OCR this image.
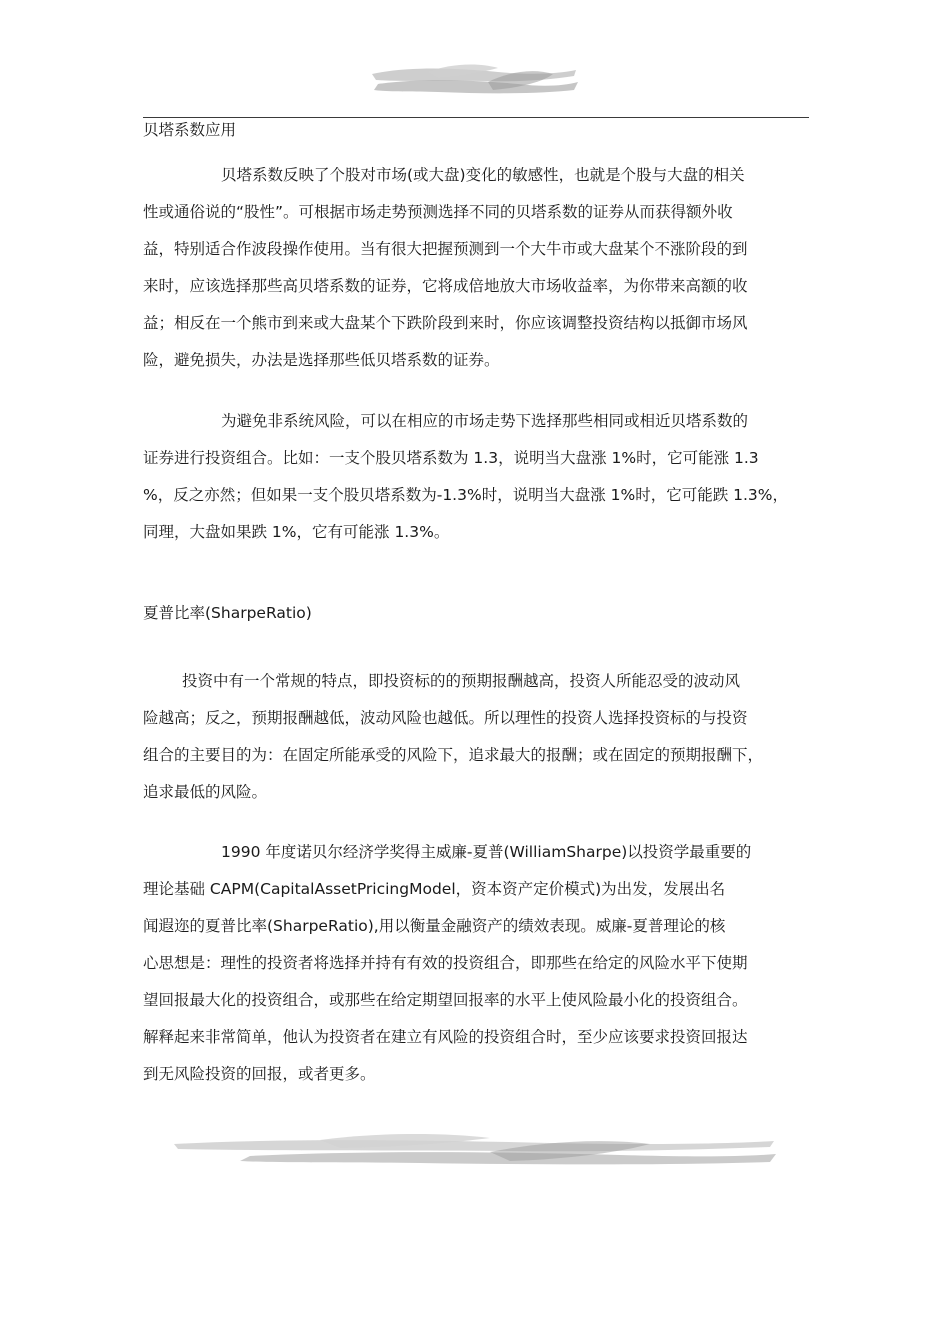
贝塔系数应用
贝塔系数反映了个股对市场(或大盘)变化的敏感性，也就是个股与大盘的相关
性或通俗说的“股性”。可根据市场走势预测选择不同的贝塔系数的证券从而获得额外收
益，特别适合作波段操作使用。当有很大把握预测到一个大牛市或大盘某个不涨阶段的到
来时，应该选择那些高贝塔系数的证券，它将成倍地放大市场收益率，为你带来高额的收
益；相反在一个熊市到来或大盘某个下跌阶段到来时，你应该调整投资结构以抵御市场风
险，避免损失，办法是选择那些低贝塔系数的证券。
为避免非系统风险，可以在相应的市场走势下选择那些相同或相近贝塔系数的
证券进行投资组合。比如：一支个股贝塔系数为 1.3，说明当大盘涨 1%时，它可能涨 1.3
%，反之亦然；但如果一支个股贝塔系数为-1.3%时，说明当大盘涨 1%时，它可能跌 1.3%，
同理，大盘如果跌 1%，它有可能涨 1.3%。
夏普比率(SharpeRatio)
投资中有一个常规的特点，即投资标的的预期报酬越高，投资人所能忍受的波动风
险越高；反之，预期报酬越低，波动风险也越低。所以理性的投资人选择投资标的与投资
组合的主要目的为：在固定所能承受的风险下，追求最大的报酬；或在固定的预期报酬下，
追求最低的风险。
1990 年度诺贝尔经济学奖得主威廉-夏普(WilliamSharpe)以投资学最重要的
理论基础 CAPM(CapitalAssetPricingModel，资本资产定价模式)为出发，发展出名
闻遐迩的夏普比率(SharpeRatio),用以衡量金融资产的绩效表现。威廉-夏普理论的核
心思想是：理性的投资者将选择并持有有效的投资组合，即那些在给定的风险水平下使期
望回报最大化的投资组合，或那些在给定期望回报率的水平上使风险最小化的投资组合。
解释起来非常简单，他认为投资者在建立有风险的投资组合时，至少应该要求投资回报达
到无风险投资的回报，或者更多。
